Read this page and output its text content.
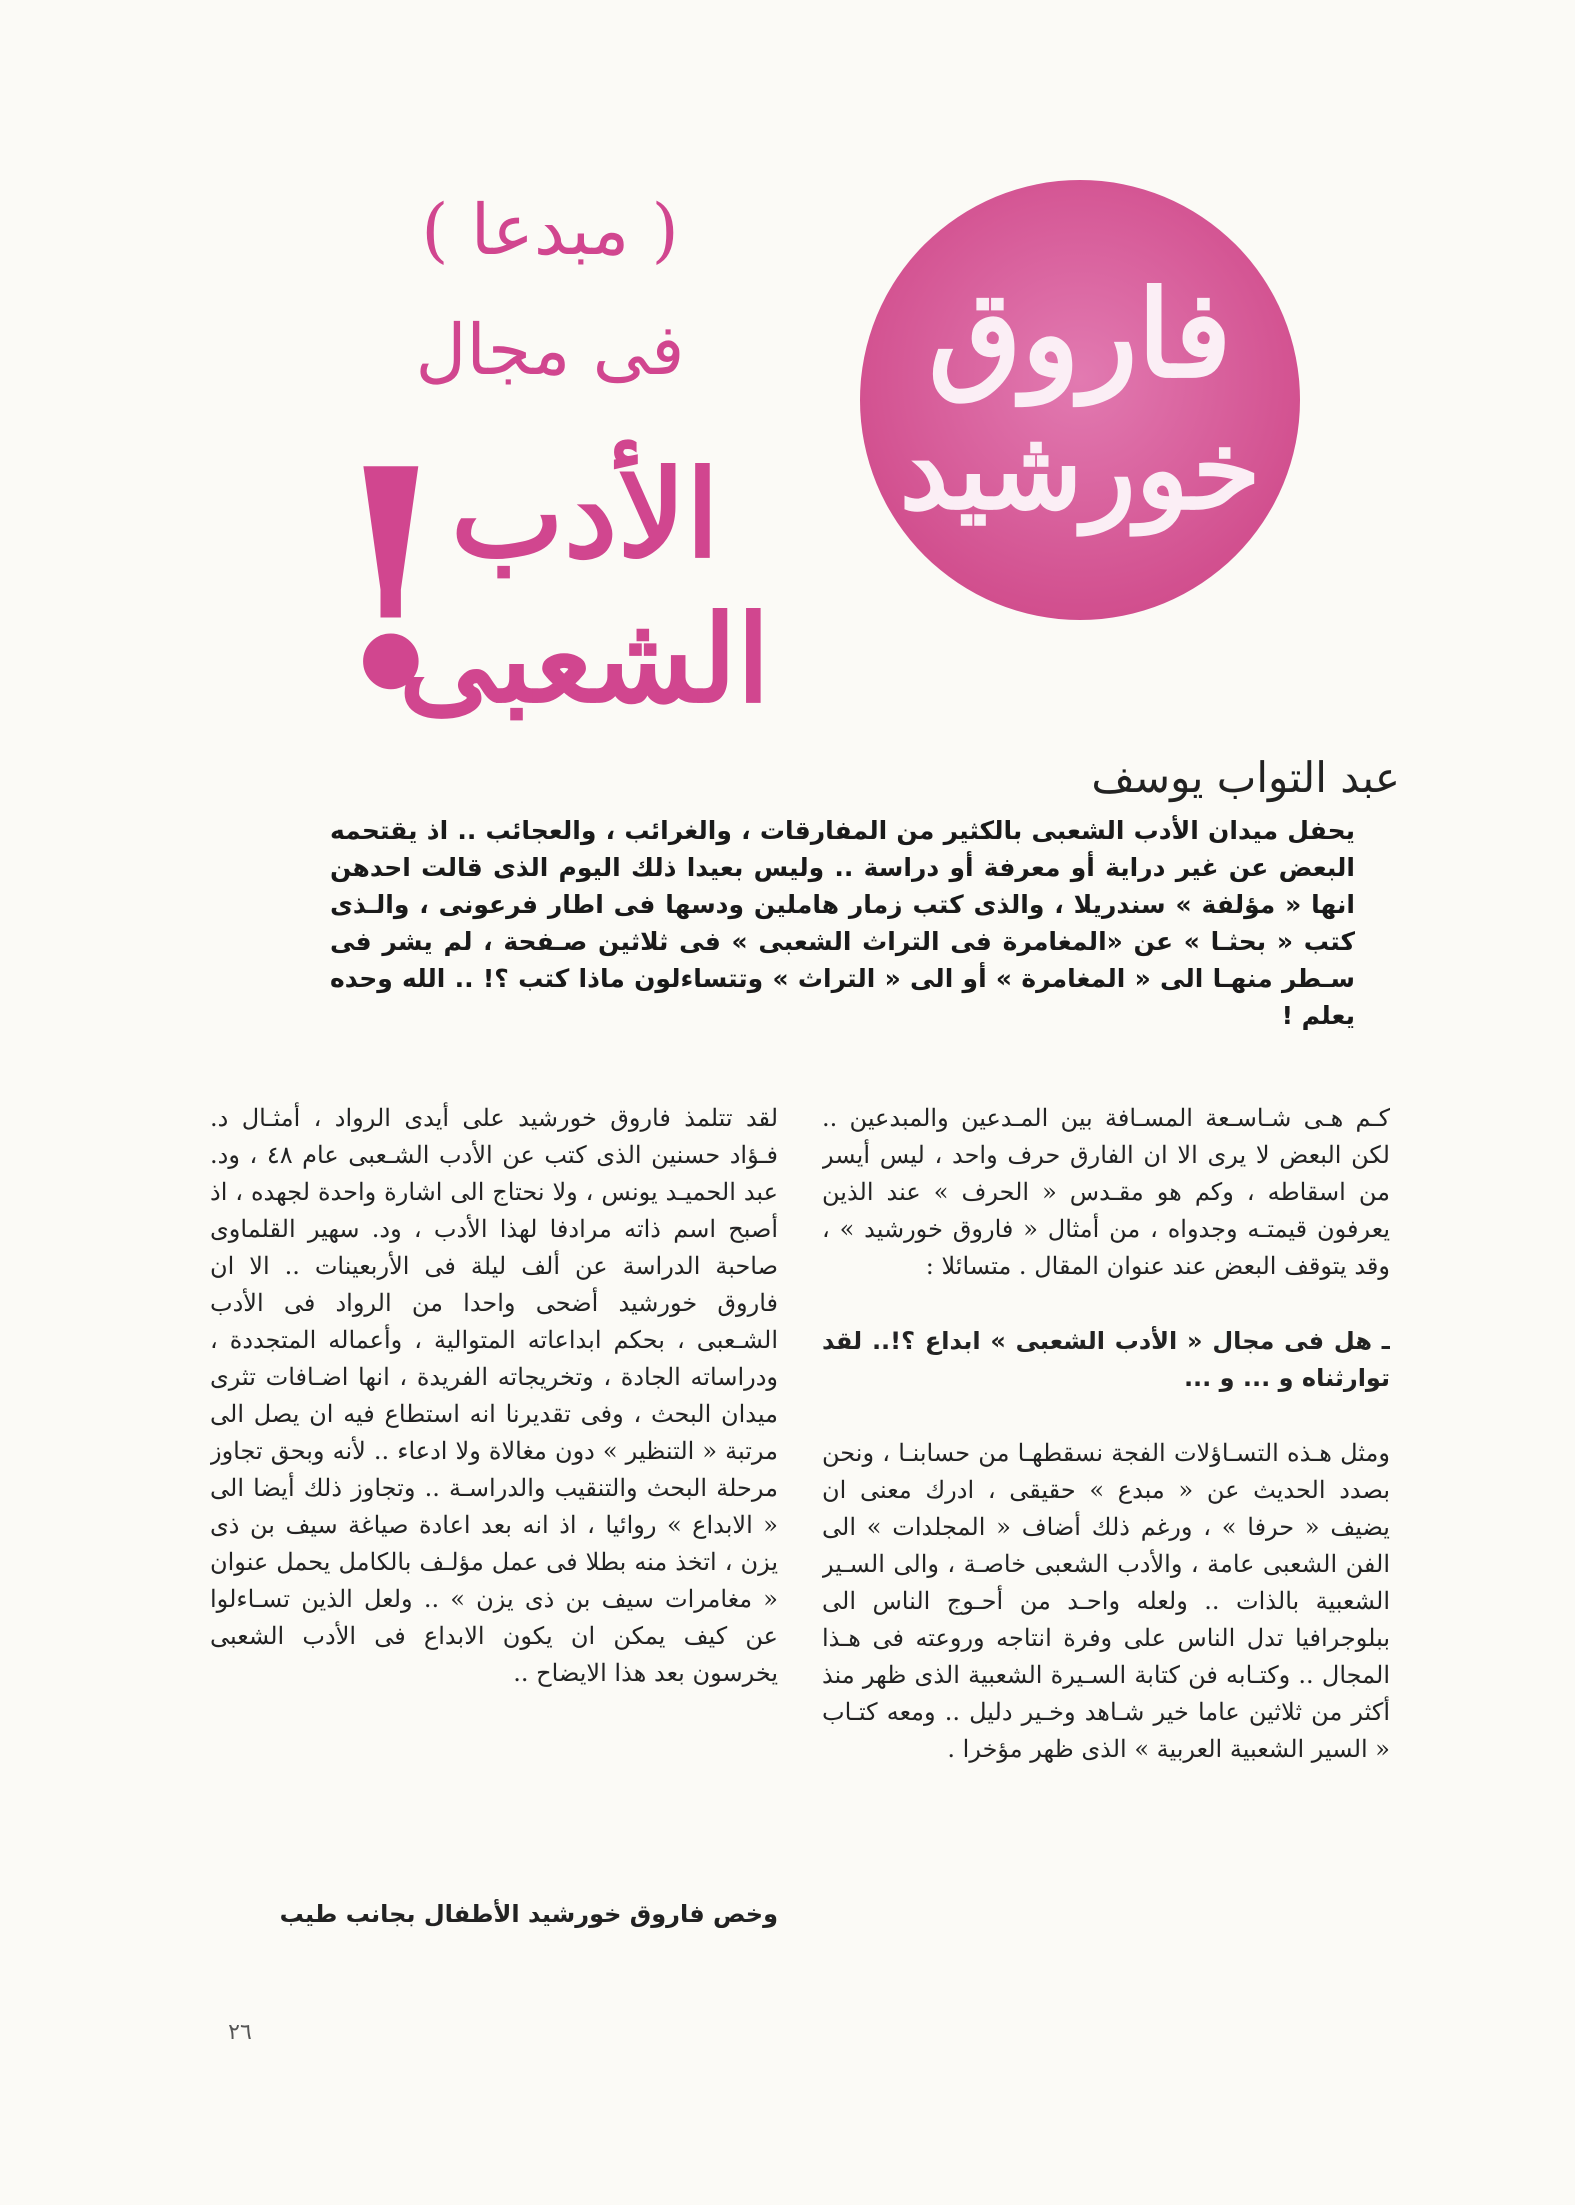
( مبدعا )
فى مجال
الأدب
الشعبى
!
فاروق
خورشيد
عبد التواب يوسف
يحفل ميدان الأدب الشعبى بالكثير من المفارقات ، والغرائب ، والعجائب .. اذ يقتحمه البعض عن غير دراية أو معرفة أو دراسة .. وليس بعيدا ذلك اليوم الذى قالت احدهن انها « مؤلفة » سندريلا ، والذى كتب زمار هاملين ودسها فى اطار فرعونى ، والـذى كتب « بحثـا » عن «المغامرة فى التراث الشعبى » فى ثلاثين صـفحة ، لم يشر فى سـطر منهـا الى « المغامرة » أو الى « التراث » وتتساءلون ماذا كتب ؟! .. الله وحده يعلم !

كـم هـى شـاسـعة المسـافة بين المـدعين والمبدعين .. لكن البعض لا يرى الا ان الفارق حرف واحد ، ليس أيسر من اسقاطه ، وكم هو مقـدس « الحرف » عند الذين يعرفون قيمتـه وجدواه ، من أمثال « فاروق خورشيد » ، وقد يتوقف البعض عند عنوان المقال . متسائلا :

ـ هل فى مجال « الأدب الشعبى » ابداع ؟!.. لقد توارثناه و ... و ...

ومثل هـذه التسـاؤلات الفجة نسقطهـا من حسابنـا ، ونحن بصدد الحديث عن « مبدع » حقيقى ، ادرك معنى ان يضيف « حرفا » ، ورغم ذلك أضاف « المجلدات » الى الفن الشعبى عامة ، والأدب الشعبى خاصـة ، والى السـير الشعبية بالذات .. ولعله واحـد من أحـوج الناس الى ببلوجرافيا تدل الناس على وفرة انتاجه وروعته فى هـذا المجال .. وكتـابه فن كتابة السـيرة الشعبية الذى ظهر منذ أكثر من ثلاثين عاما خير شـاهد وخـير دليل .. ومعه كتـاب « السير الشعبية العربية » الذى ظهر مؤخرا .

لقد تتلمذ فاروق خورشيد على أيدى الرواد ، أمثـال د. فـؤاد حسنين الذى كتب عن الأدب الشـعبى عام ٤٨ ، ود. عبد الحميـد يونس ، ولا نحتاج الى اشارة واحدة لجهده ، اذ أصبح اسم ذاته مرادفا لهذا الأدب ، ود. سهير القلماوى صاحبة الدراسة عن ألف ليلة فى الأربعينات .. الا ان فاروق خورشيد أضحى واحدا من الرواد فى الأدب الشـعبى ، بحكم ابداعاته المتوالية ، وأعماله المتجددة ، ودراساته الجادة ، وتخريجاته الفريدة ، انها اضـافات تثرى ميدان البحث ، وفى تقديرنا انه استطاع فيه ان يصل الى مرتبة « التنظير » دون مغالاة ولا ادعاء .. لأنه وبحق تجاوز مرحلة البحث والتنقيب والدراسـة .. وتجاوز ذلك أيضا الى « الابداع » روائيا ، اذ انه بعد اعادة صياغة سيف بن ذى يزن ، اتخذ منه بطلا فى عمل مؤلـف بالكامل يحمل عنوان « مغامرات سيف بن ذى يزن » .. ولعل الذين تسـاءلوا عن كيف يمكن ان يكون الابداع فى الأدب الشعبى يخرسون بعد هذا الايضاح ..

وخص فاروق خورشيد الأطفال بجانب طيب
٢٦
